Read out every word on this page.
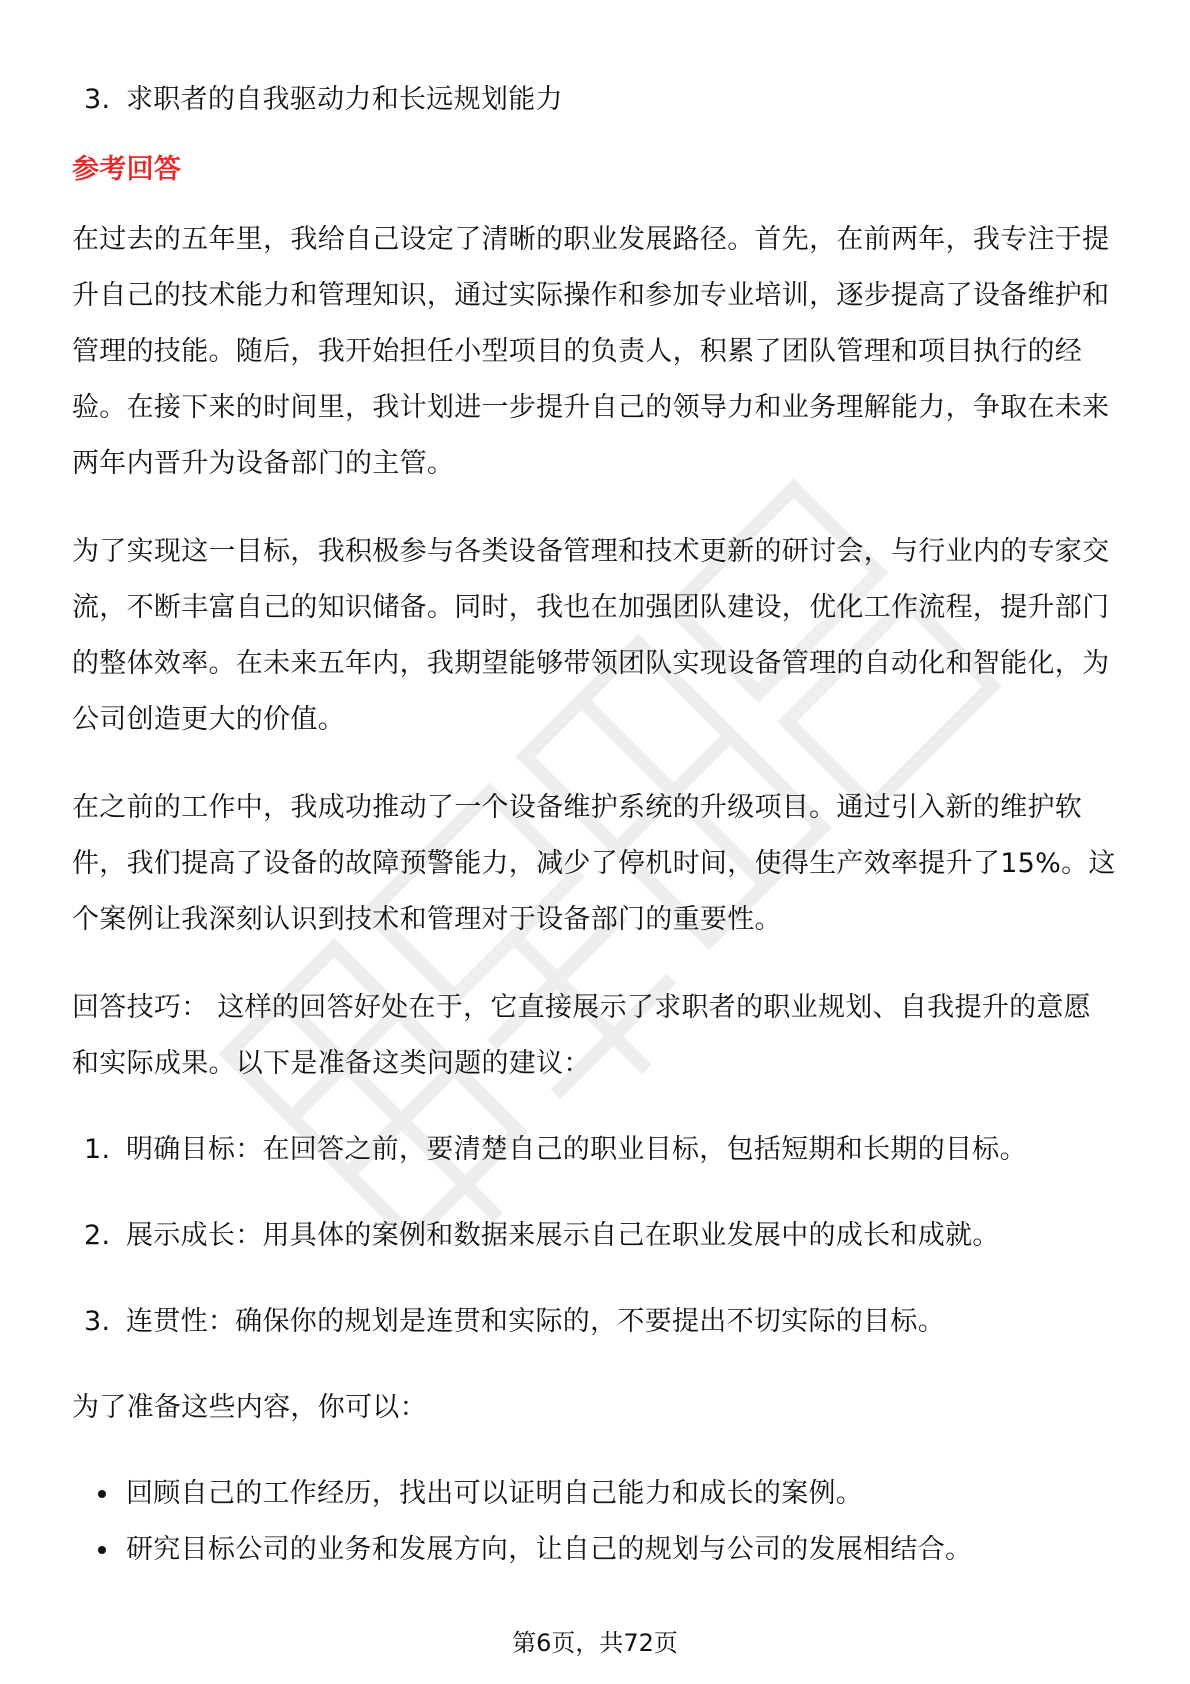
3. 求职者的自我驱动力和长远规划能力

参考回答

在过去的五年里，我给自己设定了清晰的职业发展路径。首先，在前两年，我专注于提升自己的技术能力和管理知识，通过实际操作和参加专业培训，逐步提高了设备维护和管理的技能。随后，我开始担任小型项目的负责人，积累了团队管理和项目执行的经验。在接下来的时间里，我计划进一步提升自己的领导力和业务理解能力，争取在未来两年内晋升为设备部门的主管。

为了实现这一目标，我积极参与各类设备管理和技术更新的研讨会，与行业内的专家交流，不断丰富自己的知识储备。同时，我也在加强团队建设，优化工作流程，提升部门的整体效率。在未来五年内，我期望能够带领团队实现设备管理的自动化和智能化，为公司创造更大的价值。

在之前的工作中，我成功推动了一个设备维护系统的升级项目。通过引入新的维护软件，我们提高了设备的故障预警能力，减少了停机时间，使得生产效率提升了15%。这个案例让我深刻认识到技术和管理对于设备部门的重要性。

回答技巧： 这样的回答好处在于，它直接展示了求职者的职业规划、自我提升的意愿和实际成果。以下是准备这类问题的建议：

1. 明确目标：在回答之前，要清楚自己的职业目标，包括短期和长期的目标。

2. 展示成长：用具体的案例和数据来展示自己在职业发展中的成长和成就。

3. 连贯性：确保你的规划是连贯和实际的，不要提出不切实际的目标。

为了准备这些内容，你可以：

回顾自己的工作经历，找出可以证明自己能力和成长的案例。

研究目标公司的业务和发展方向，让自己的规划与公司的发展相结合。

第6页，共72页
